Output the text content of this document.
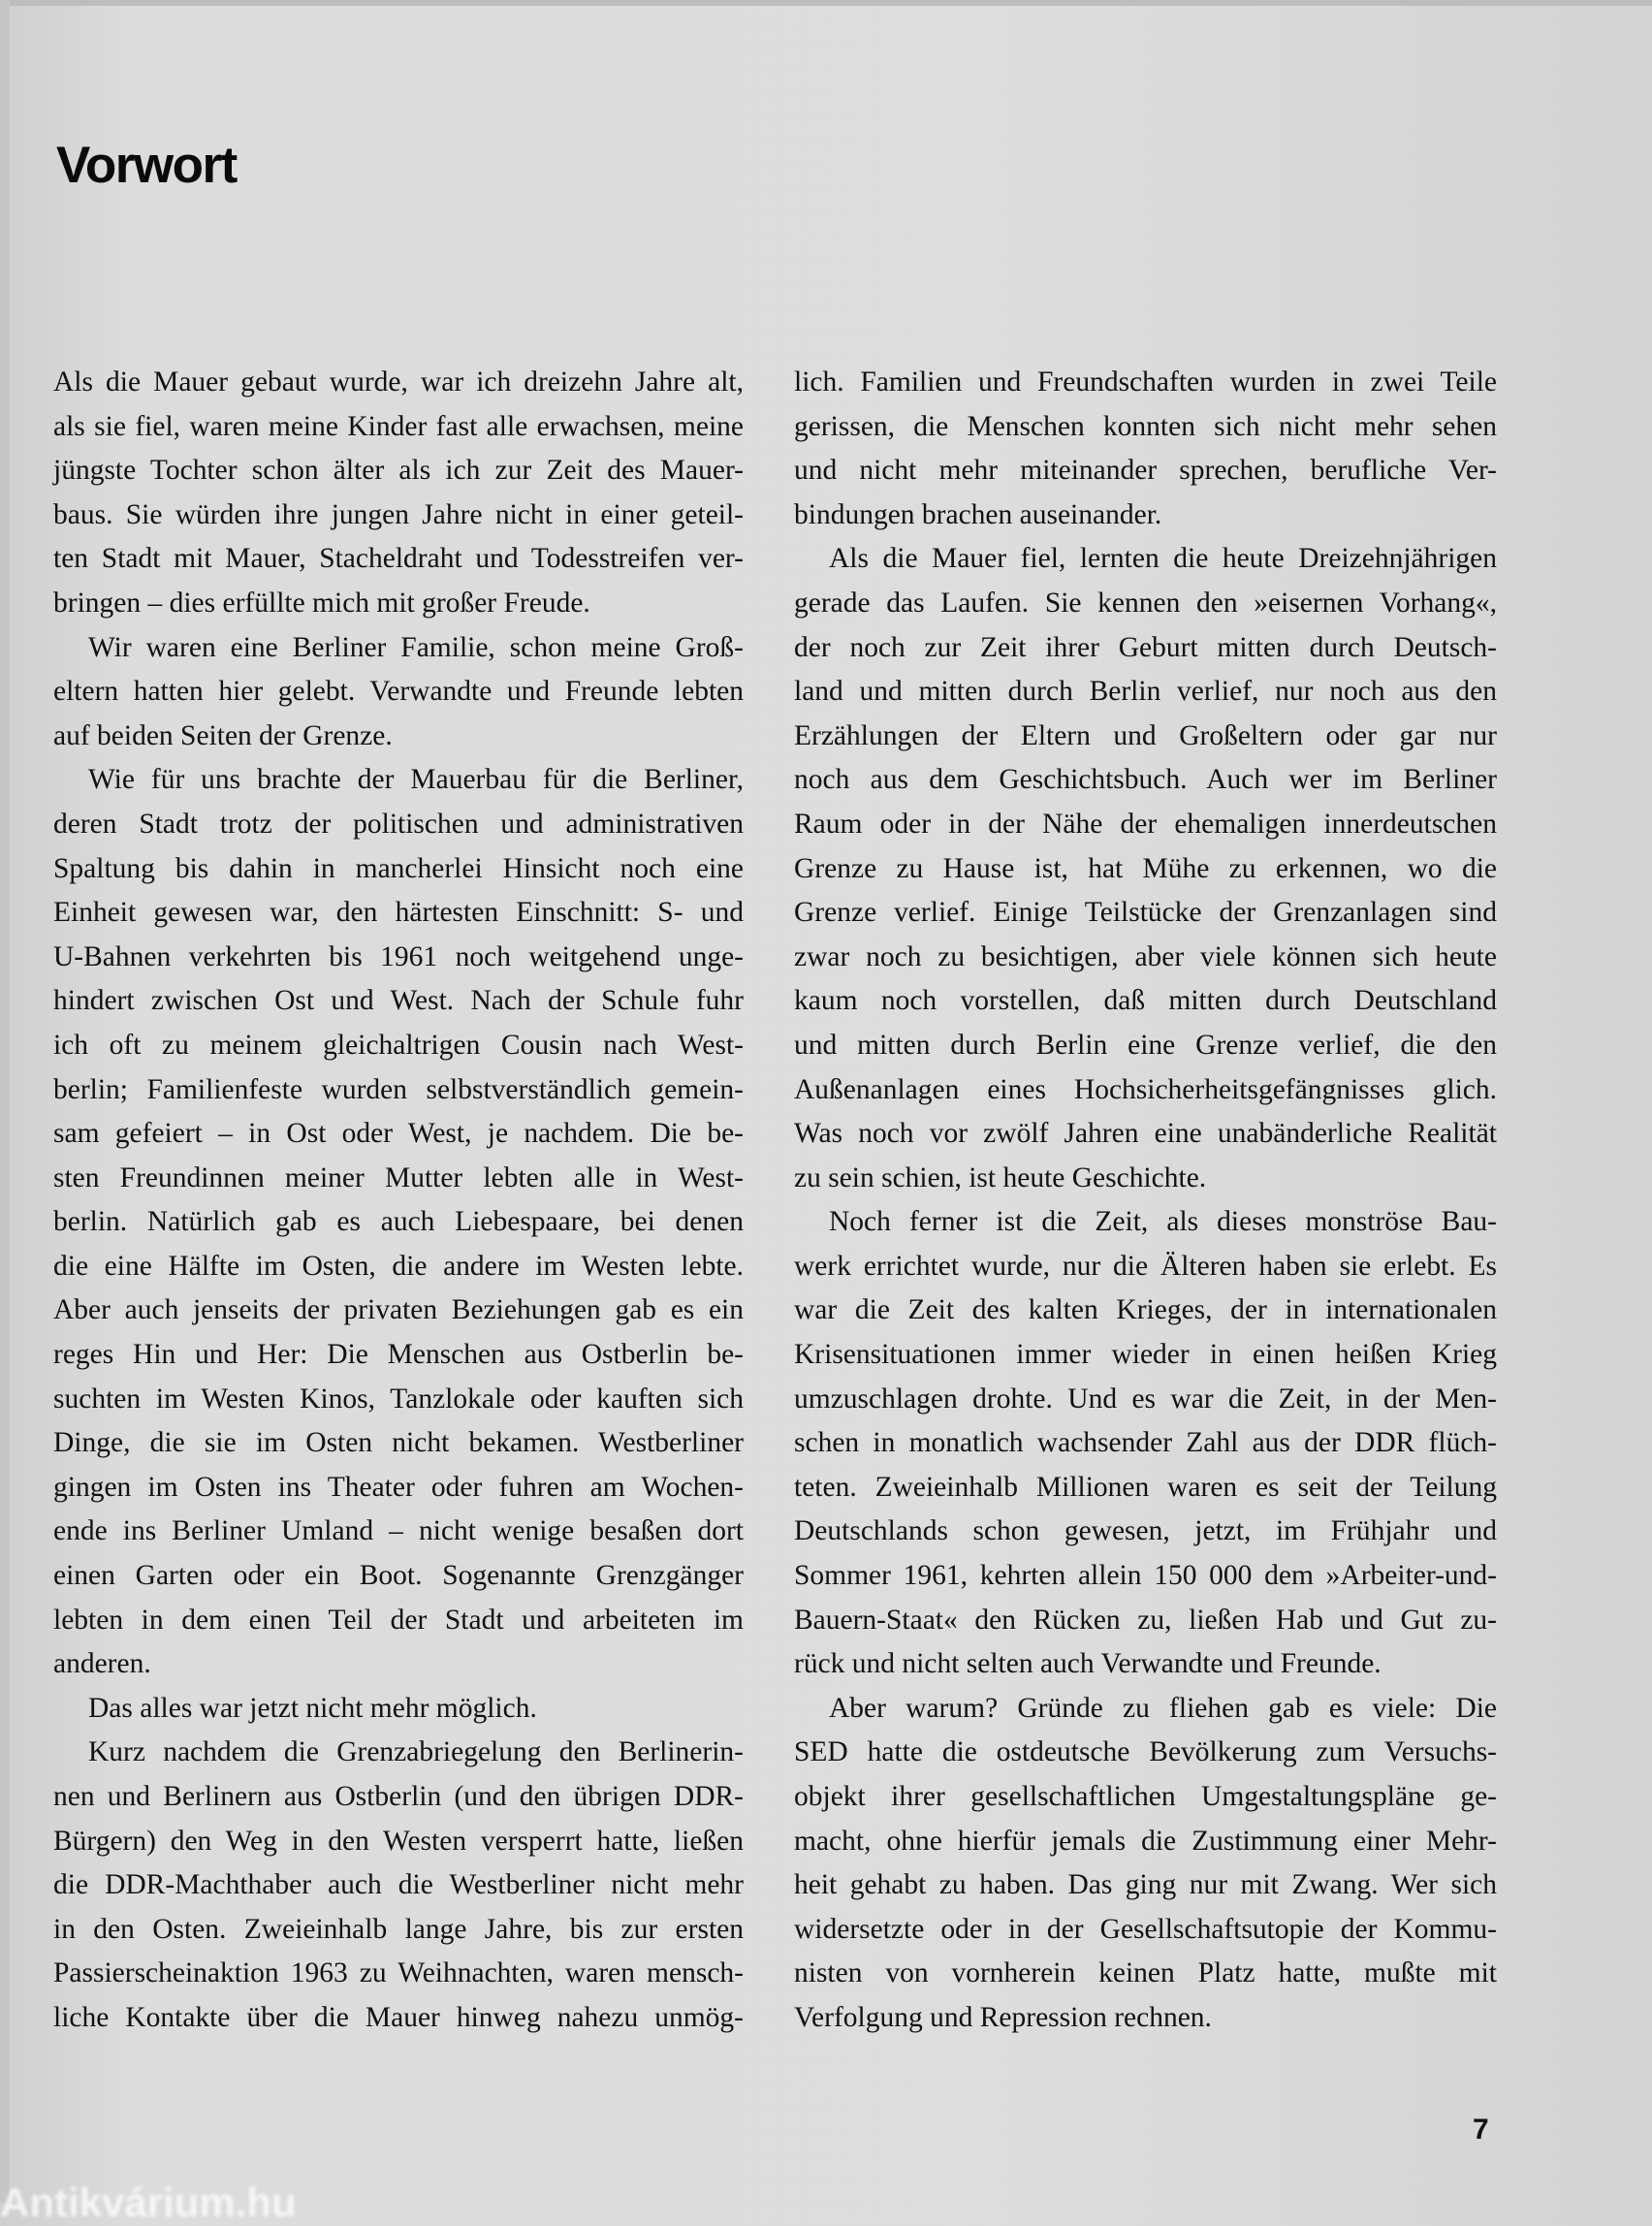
Vorwort
Als die Mauer gebaut wurde, war ich dreizehn Jahre alt,
als sie fiel, waren meine Kinder fast alle erwachsen, meine
jüngste Tochter schon älter als ich zur Zeit des Mauer-
baus. Sie würden ihre jungen Jahre nicht in einer geteil-
ten Stadt mit Mauer, Stacheldraht und Todesstreifen ver-
bringen – dies erfüllte mich mit großer Freude.
Wir waren eine Berliner Familie, schon meine Groß-
eltern hatten hier gelebt. Verwandte und Freunde lebten
auf beiden Seiten der Grenze.
Wie für uns brachte der Mauerbau für die Berliner,
deren Stadt trotz der politischen und administrativen
Spaltung bis dahin in mancherlei Hinsicht noch eine
Einheit gewesen war, den härtesten Einschnitt: S- und
U-Bahnen verkehrten bis 1961 noch weitgehend unge-
hindert zwischen Ost und West. Nach der Schule fuhr
ich oft zu meinem gleichaltrigen Cousin nach West-
berlin; Familienfeste wurden selbstverständlich gemein-
sam gefeiert – in Ost oder West, je nachdem. Die be-
sten Freundinnen meiner Mutter lebten alle in West-
berlin. Natürlich gab es auch Liebespaare, bei denen
die eine Hälfte im Osten, die andere im Westen lebte.
Aber auch jenseits der privaten Beziehungen gab es ein
reges Hin und Her: Die Menschen aus Ostberlin be-
suchten im Westen Kinos, Tanzlokale oder kauften sich
Dinge, die sie im Osten nicht bekamen. Westberliner
gingen im Osten ins Theater oder fuhren am Wochen-
ende ins Berliner Umland – nicht wenige besaßen dort
einen Garten oder ein Boot. Sogenannte Grenzgänger
lebten in dem einen Teil der Stadt und arbeiteten im
anderen.
Das alles war jetzt nicht mehr möglich.
Kurz nachdem die Grenzabriegelung den Berlinerin-
nen und Berlinern aus Ostberlin (und den übrigen DDR-
Bürgern) den Weg in den Westen versperrt hatte, ließen
die DDR-Machthaber auch die Westberliner nicht mehr
in den Osten. Zweieinhalb lange Jahre, bis zur ersten
Passierscheinaktion 1963 zu Weihnachten, waren mensch-
liche Kontakte über die Mauer hinweg nahezu unmög-
lich. Familien und Freundschaften wurden in zwei Teile
gerissen, die Menschen konnten sich nicht mehr sehen
und nicht mehr miteinander sprechen, berufliche Ver-
bindungen brachen auseinander.
Als die Mauer fiel, lernten die heute Dreizehnjährigen
gerade das Laufen. Sie kennen den »eisernen Vorhang«,
der noch zur Zeit ihrer Geburt mitten durch Deutsch-
land und mitten durch Berlin verlief, nur noch aus den
Erzählungen der Eltern und Großeltern oder gar nur
noch aus dem Geschichtsbuch. Auch wer im Berliner
Raum oder in der Nähe der ehemaligen innerdeutschen
Grenze zu Hause ist, hat Mühe zu erkennen, wo die
Grenze verlief. Einige Teilstücke der Grenzanlagen sind
zwar noch zu besichtigen, aber viele können sich heute
kaum noch vorstellen, daß mitten durch Deutschland
und mitten durch Berlin eine Grenze verlief, die den
Außenanlagen eines Hochsicherheitsgefängnisses glich.
Was noch vor zwölf Jahren eine unabänderliche Realität
zu sein schien, ist heute Geschichte.
Noch ferner ist die Zeit, als dieses monströse Bau-
werk errichtet wurde, nur die Älteren haben sie erlebt. Es
war die Zeit des kalten Krieges, der in internationalen
Krisensituationen immer wieder in einen heißen Krieg
umzuschlagen drohte. Und es war die Zeit, in der Men-
schen in monatlich wachsender Zahl aus der DDR flüch-
teten. Zweieinhalb Millionen waren es seit der Teilung
Deutschlands schon gewesen, jetzt, im Frühjahr und
Sommer 1961, kehrten allein 150 000 dem »Arbeiter-und-
Bauern-Staat« den Rücken zu, ließen Hab und Gut zu-
rück und nicht selten auch Verwandte und Freunde.
Aber warum? Gründe zu fliehen gab es viele: Die
SED hatte die ostdeutsche Bevölkerung zum Versuchs-
objekt ihrer gesellschaftlichen Umgestaltungspläne ge-
macht, ohne hierfür jemals die Zustimmung einer Mehr-
heit gehabt zu haben. Das ging nur mit Zwang. Wer sich
widersetzte oder in der Gesellschaftsutopie der Kommu-
nisten von vornherein keinen Platz hatte, mußte mit
Verfolgung und Repression rechnen.
7
Antikvárium.hu
